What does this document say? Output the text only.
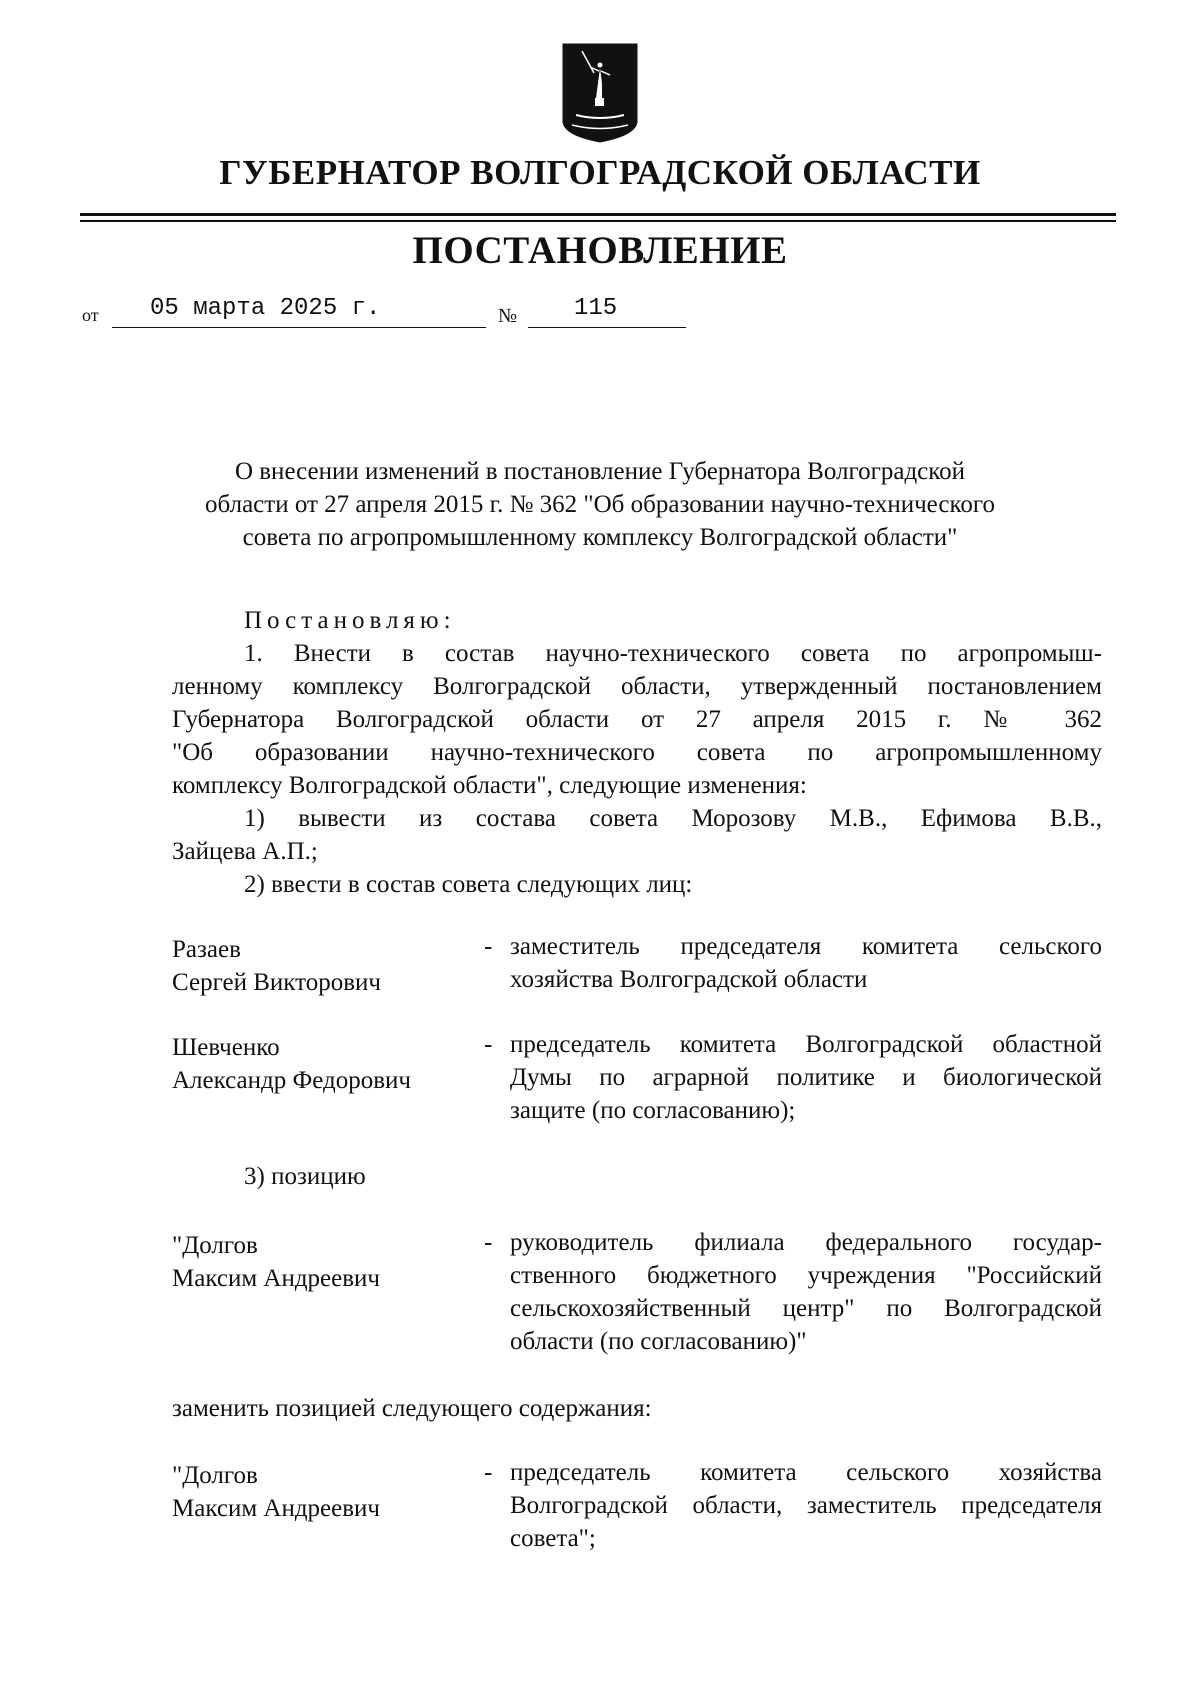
ГУБЕРНАТОР ВОЛГОГРАДСКОЙ ОБЛАСТИ
ПОСТАНОВЛЕНИЕ
от 05 марта 2025 г.	№ 115
О внесении изменений в постановление Губернатора Волгоградской
области от 27 апреля 2015 г. № 362 "Об образовании научно-технического
совета по агропромышленному комплексу Волгоградской области"
Постановляю:
1. Внести в состав научно-технического совета по агропромыш-
ленному комплексу Волгоградской области, утвержденный постановлением
Губернатора Волгоградской области от 27 апреля 2015 г. № 362
"Об образовании научно-технического совета по агропромышленному
комплексу Волгоградской области", следующие изменения:
1) вывести из состава совета Морозову М.В., Ефимова В.В.,
Зайцева А.П.;
2) ввести в состав совета следующих лиц:
Разаев
Сергей Викторович
- заместитель председателя комитета сельского
хозяйства Волгоградской области
Шевченко
Александр Федорович
- председатель комитета Волгоградской областной
Думы по аграрной политике и биологической
защите (по согласованию);
3) позицию
"Долгов
Максим Андреевич
- руководитель филиала федерального государ-
ственного бюджетного учреждения "Российский
сельскохозяйственный центр" по Волгоградской
области (по согласованию)"
заменить позицией следующего содержания:
"Долгов
Максим Андреевич
- председатель комитета сельского хозяйства
Волгоградской области, заместитель председателя
совета";
